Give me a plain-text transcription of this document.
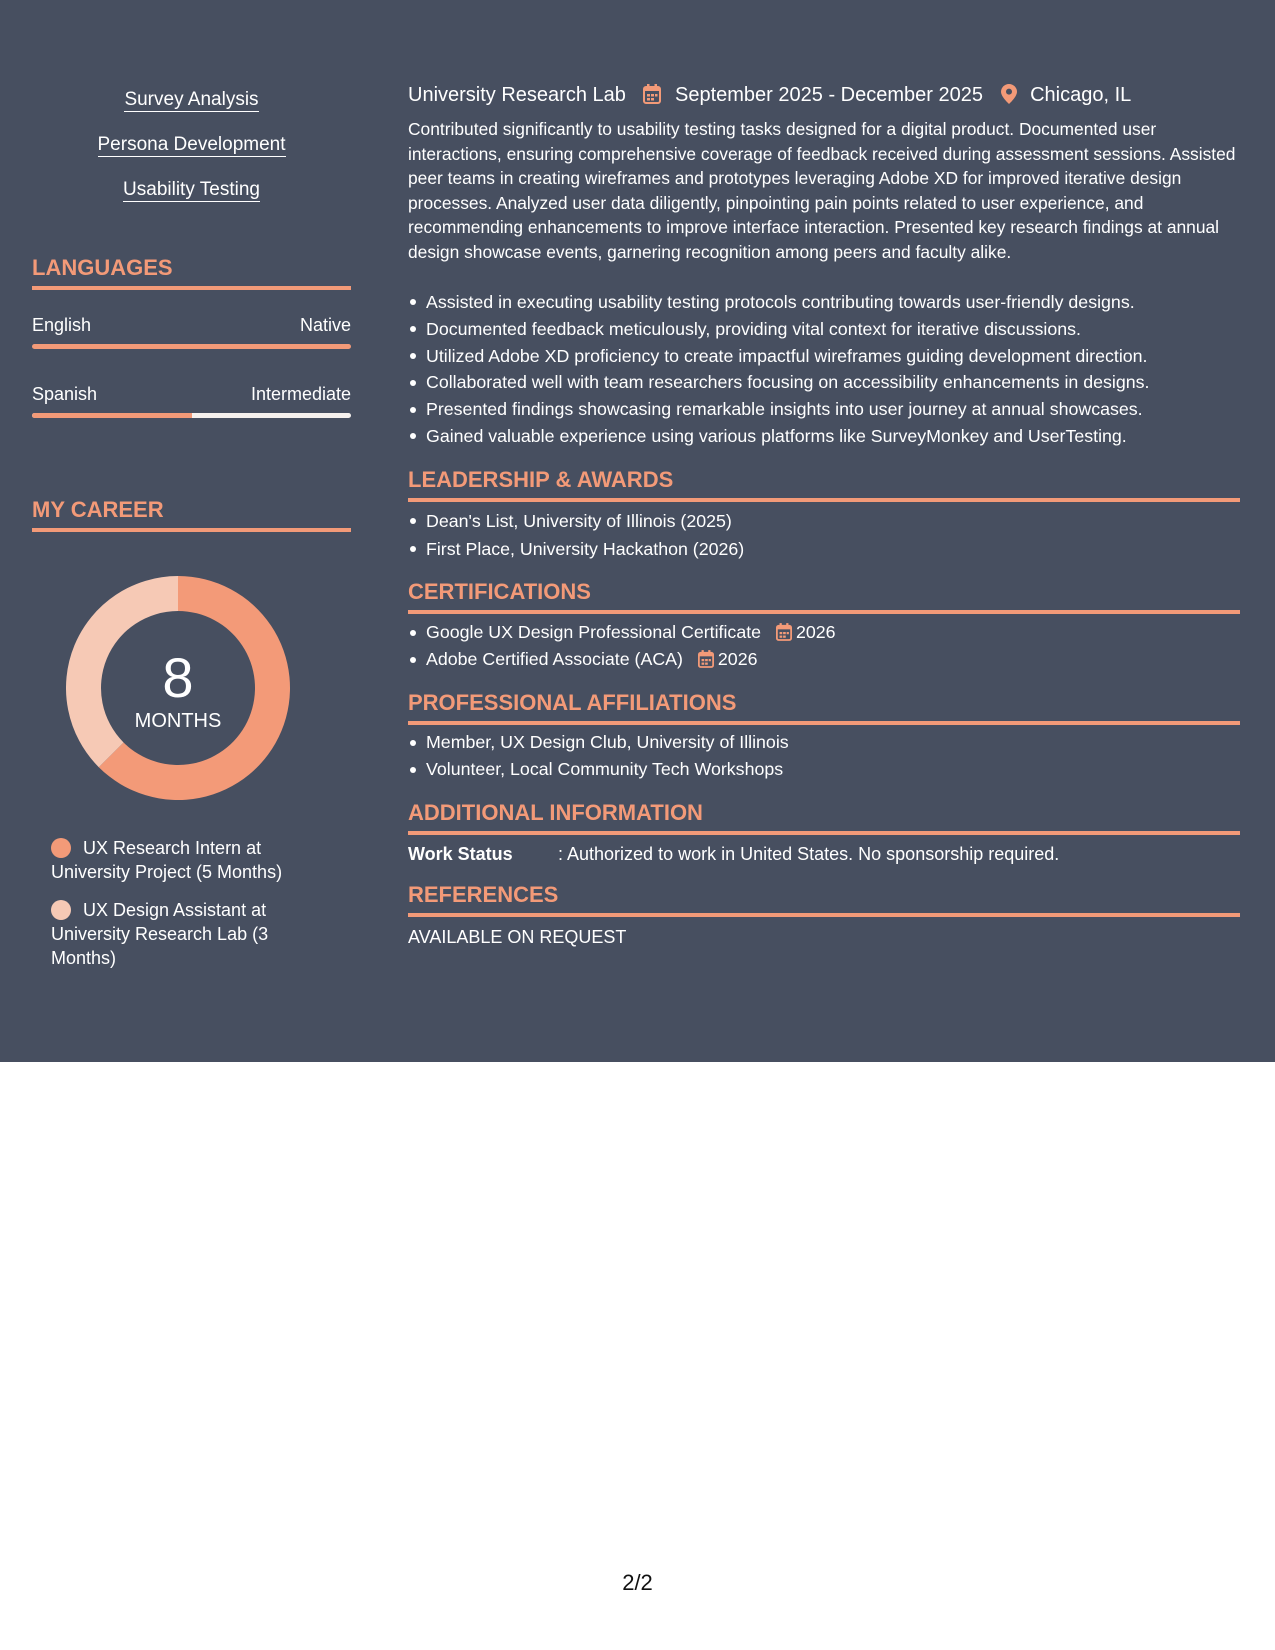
Survey Analysis
Persona Development
Usability Testing
LANGUAGES
English	Native
Spanish	Intermediate
MY CAREER
8
MONTHS
UX Research Intern at University Project (5 Months)
UX Design Assistant at University Research Lab (3 Months)
University Research Lab September 2025 - December 2025 Chicago, IL

Contributed significantly to usability testing tasks designed for a digital product. Documented user interactions, ensuring comprehensive coverage of feedback received during assessment sessions. Assisted peer teams in creating wireframes and prototypes leveraging Adobe XD for improved iterative design processes. Analyzed user data diligently, pinpointing pain points related to user experience, and recommending enhancements to improve interface interaction. Presented key research findings at annual design showcase events, garnering recognition among peers and faculty alike.

Assisted in executing usability testing protocols contributing towards user-friendly designs.
Documented feedback meticulously, providing vital context for iterative discussions.
Utilized Adobe XD proficiency to create impactful wireframes guiding development direction.
Collaborated well with team researchers focusing on accessibility enhancements in designs.
Presented findings showcasing remarkable insights into user journey at annual showcases.
Gained valuable experience using various platforms like SurveyMonkey and UserTesting.
LEADERSHIP & AWARDS
Dean's List, University of Illinois (2025)
First Place, University Hackathon (2026)
CERTIFICATIONS
Google UX Design Professional Certificate 2026
Adobe Certified Associate (ACA) 2026
PROFESSIONAL AFFILIATIONS
Member, UX Design Club, University of Illinois
Volunteer, Local Community Tech Workshops
ADDITIONAL INFORMATION
Work Status	: Authorized to work in United States. No sponsorship required.
REFERENCES
AVAILABLE ON REQUEST
2/2
